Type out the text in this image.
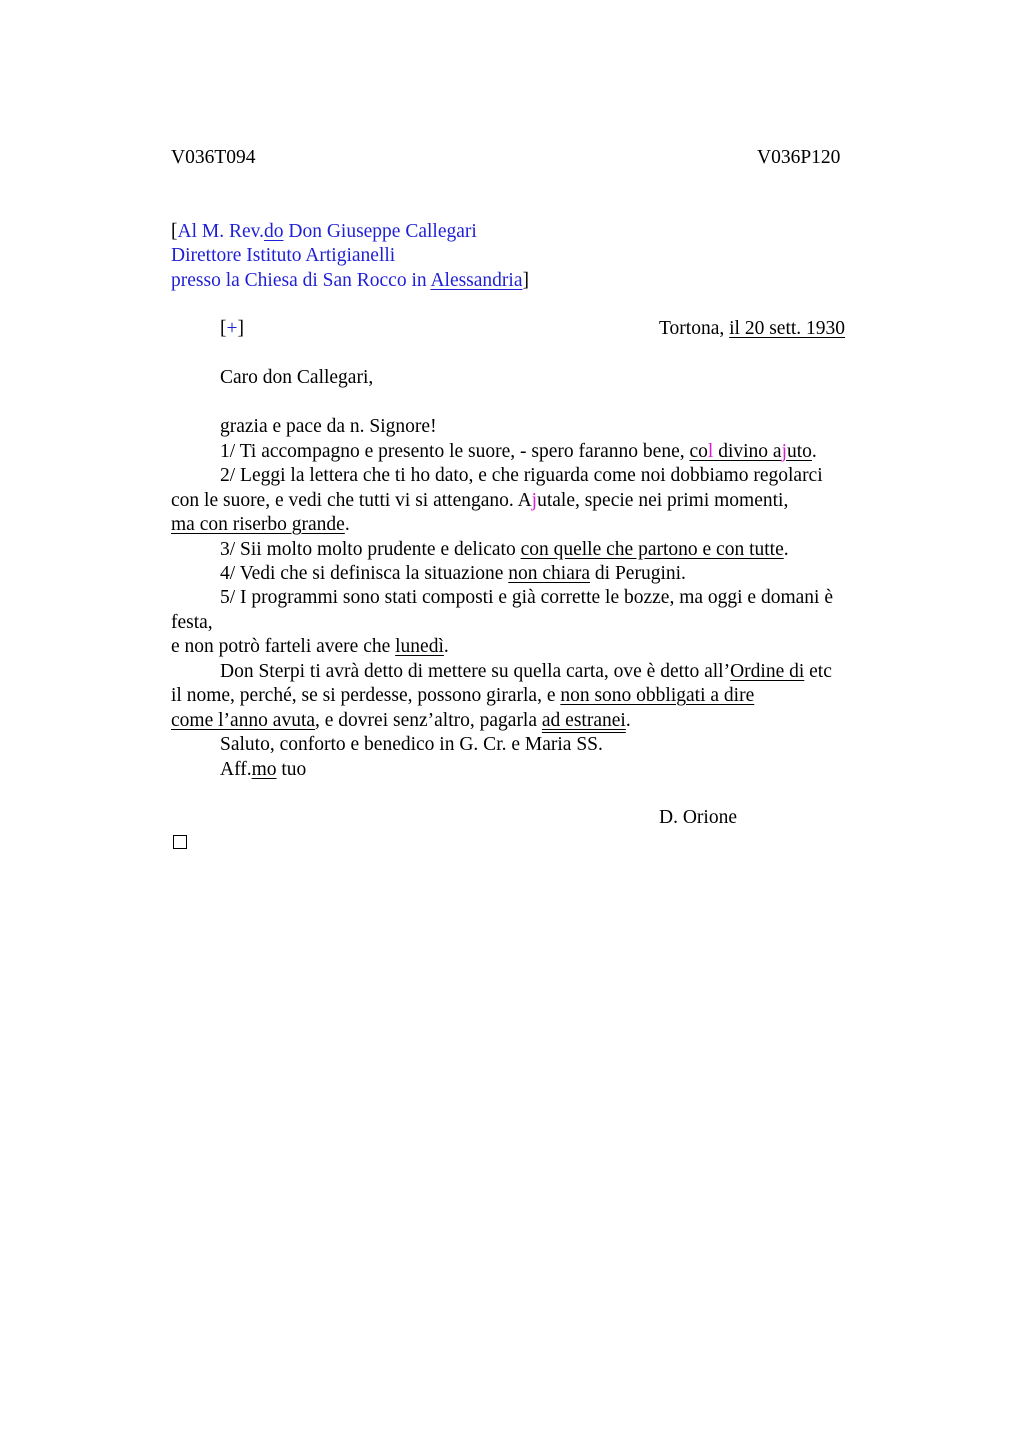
V036T094	V036P120
[Al M. Rev.do Don Giuseppe Callegari
Direttore Istituto Artigianelli
presso la Chiesa di San Rocco in Alessandria]
[+]	Tortona, il 20 sett. 1930
Caro don Callegari,
grazia e pace da n. Signore!
1/ Ti accompagno e presento le suore, - spero faranno bene, col divino ajuto.
2/ Leggi la lettera che ti ho dato, e che riguarda come noi dobbiamo regolarci
con le suore, e vedi che tutti vi si attengano. Ajutale, specie nei primi momenti,
ma con riserbo grande.
3/ Sii molto molto prudente e delicato con quelle che partono e con tutte.
4/ Vedi che si definisca la situazione non chiara di Perugini.
5/ I programmi sono stati composti e già corrette le bozze, ma oggi e domani è
festa,
e non potrò farteli avere che lunedì.
Don Sterpi ti avrà detto di mettere su quella carta, ove è detto all’Ordine di etc
il nome, perché, se si perdesse, possono girarla, e non sono obbligati a dire
come l’anno avuta, e dovrei senz’altro, pagarla ad estranei.
Saluto, conforto e benedico in G. Cr. e Maria SS.
Aff.mo tuo
D. Orione
